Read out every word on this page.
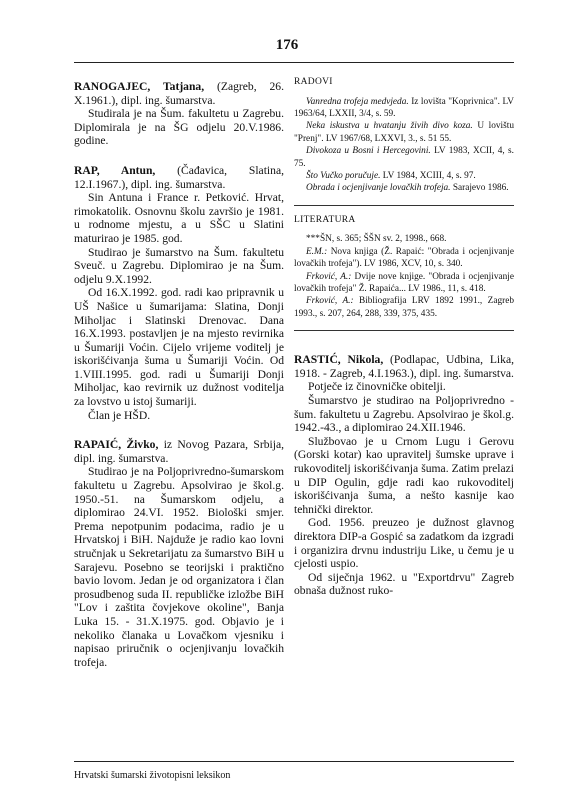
176

RANOGAJEC, Tatjana, (Zagreb, 26. X.1961.), dipl. ing. šumarstva.

Studirala je na Šum. fakultetu u Zagrebu. Diplomirala je na ŠG odjelu 20.V.1986. godine.

RAP, Antun, (Čađavica, Slatina, 12.I.1967.), dipl. ing. šumarstva.

Sin Antuna i France r. Petković. Hrvat, rimokatolik. Osnovnu školu završio je 1981. u rodnome mjestu, a u SŠC u Slatini maturirao je 1985. god.

Studirao je šumarstvo na Šum. fakultetu Sveuč. u Zagrebu. Diplomirao je na Šum. odjelu 9.X.1992.

Od 16.X.1992. god. radi kao pripravnik u UŠ Našice u šumarijama: Slatina, Donji Miholjac i Slatinski Drenovac. Dana 16.X.1993. postavljen je na mjesto revirnika u Šumariji Voćin. Cijelo vrijeme voditelj je iskorišćivanja šuma u Šumariji Voćin. Od 1.VIII.1995. god. radi u Šumariji Donji Miholjac, kao revirnik uz dužnost voditelja za lovstvo u istoj šumariji.

Član je HŠD.

RAPAIĆ, Živko, iz Novog Pazara, Srbija, dipl. ing. šumarstva.

Studirao je na Poljoprivredno-šumarskom fakultetu u Zagrebu. Apsolvirao je škol.g. 1950.-51. na Šumarskom odjelu, a diplomirao 24.VI. 1952. Biološki smjer. Prema nepotpunim podacima, radio je u Hrvatskoj i BiH. Najduže je radio kao lovni stručnjak u Sekretarijatu za šumarstvo BiH u Sarajevu. Posebno se teorijski i praktično bavio lovom. Jedan je od organizatora i član prosudbenog suda II. republičke izložbe BiH "Lov i zaštita čovjekove okoline", Banja Luka 15. - 31.X.1975. god. Objavio je i nekoliko članaka u Lovačkom vjesniku i napisao priručnik o ocjenjivanju lovačkih trofeja.

RADOVI

Vanredna trofeja medvjeda. Iz lovišta "Koprivnica". LV 1963/64, LXXII, 3/4, s. 59.

Neka iskustva u hvatanju živih divo koza. U lovištu "Prenj". LV 1967/68, LXXVI, 3., s. 51 55.

Divokoza u Bosni i Hercegovini. LV 1983, XCII, 4, s. 75.

Što Vučko poručuje. LV 1984, XCIII, 4, s. 97.

Obrada i ocjenjivanje lovačkih trofeja. Sarajevo 1986.

LITERATURA

***ŠN, s. 365; ŠŠN sv. 2, 1998., 668.

E.M.: Nova knjiga (Ž. Rapaić: "Obrada i ocjenjivanje lovačkih trofeja"). LV 1986, XCV, 10, s. 340.

Frković, A.: Dvije nove knjige. "Obrada i ocjenjivanje lovačkih trofeja" Ž. Rapaića... LV 1986., 11, s. 418.

Frković, A.: Bibliografija LRV 1892 1991., Zagreb 1993., s. 207, 264, 288, 339, 375, 435.

RASTIĆ, Nikola, (Podlapac, Udbina, Lika, 1918. - Zagreb, 4.I.1963.), dipl. ing. šumarstva.

Potječe iz činovničke obitelji.

Šumarstvo je studirao na Poljoprivredno - šum. fakultetu u Zagrebu. Apsolvirao je škol.g. 1942.-43., a diplomirao 24.XII.1946.

Službovao je u Crnom Lugu i Gerovu (Gorski kotar) kao upravitelj šumske uprave i rukovoditelj iskorišćivanja šuma. Zatim prelazi u DIP Ogulin, gdje radi kao rukovoditelj iskorišćivanja šuma, a nešto kasnije kao tehnički direktor.

God. 1956. preuzeo je dužnost glavnog direktora DIP-a Gospić sa zadatkom da izgradi i organizira drvnu industriju Like, u čemu je u cjelosti uspio.

Od siječnja 1962. u "Exportdrvu" Zagreb obnaša dužnost ruko-

Hrvatski šumarski životopisni leksikon
